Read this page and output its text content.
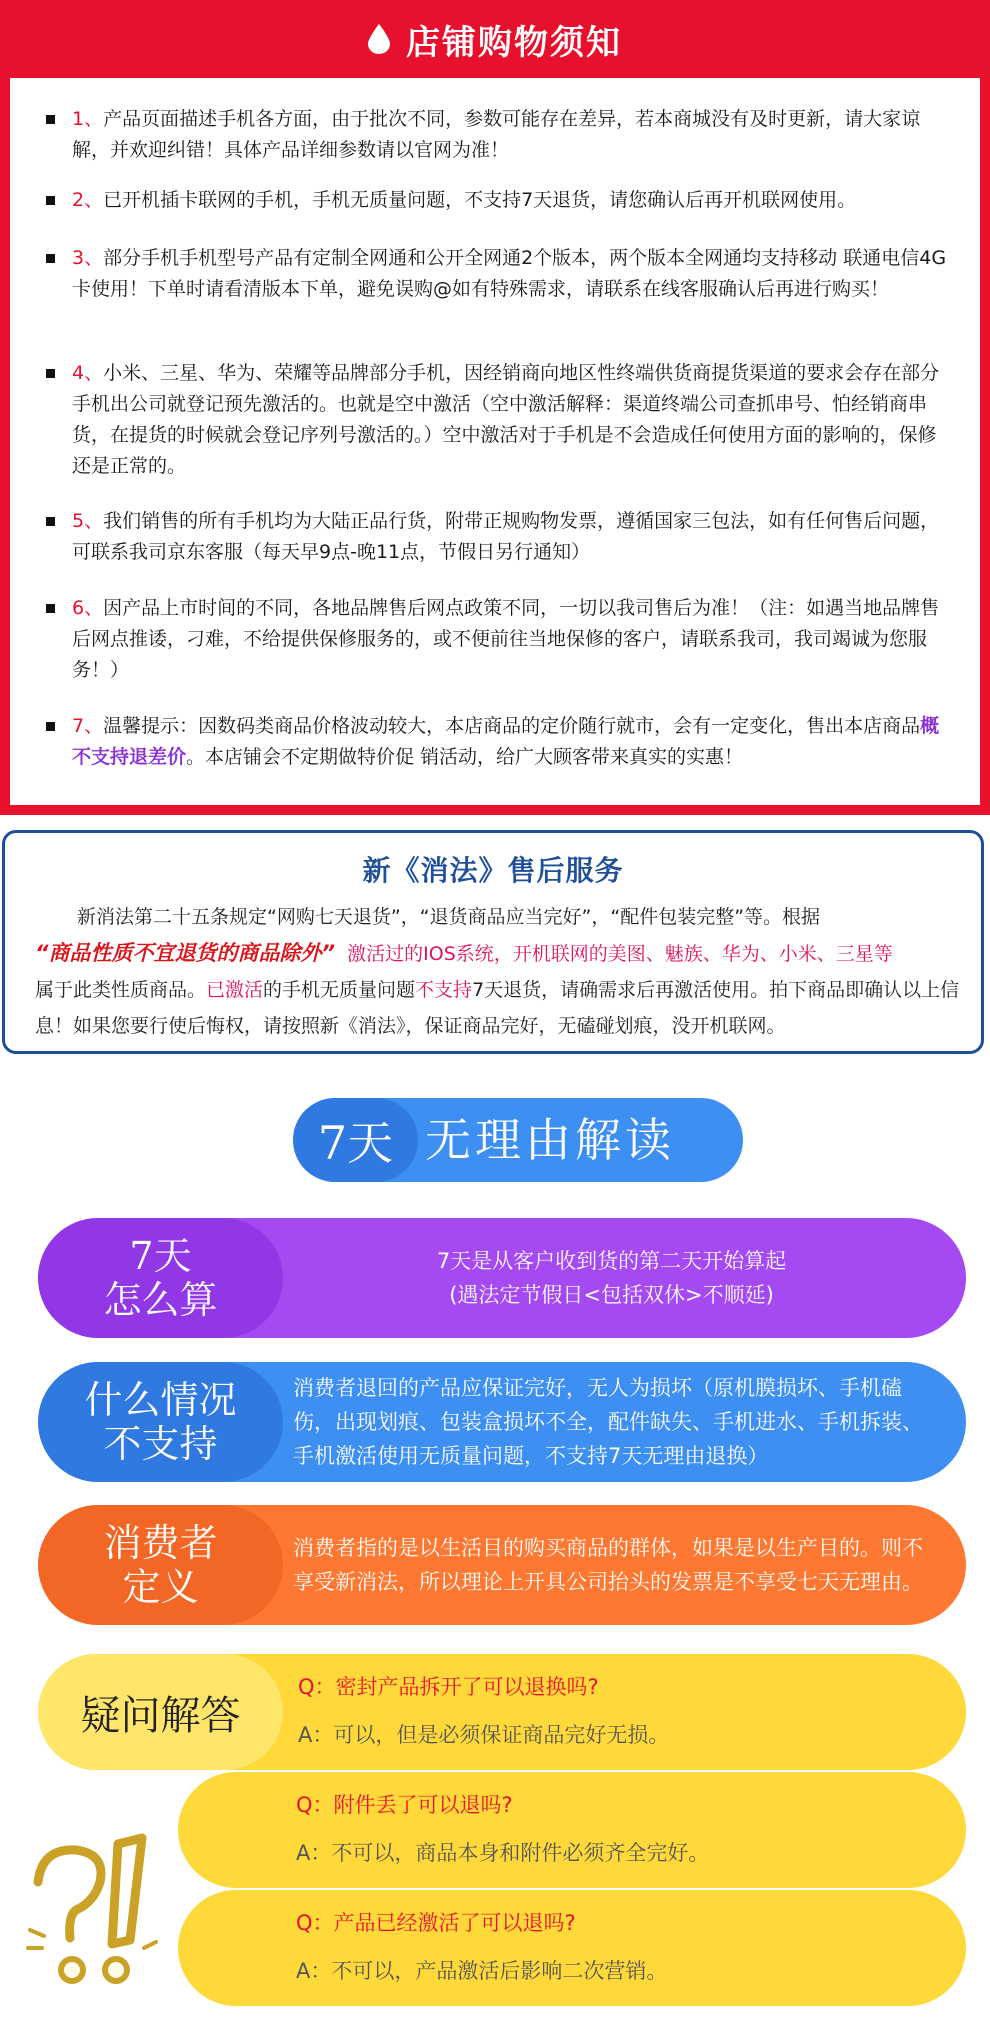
店铺购物须知
1、产品页面描述手机各方面，由于批次不同，参数可能存在差异，若本商城没有及时更新，请大家谅解，并欢迎纠错！具体产品详细参数请以官网为准！
2、已开机插卡联网的手机，手机无质量问题，不支持7天退货，请您确认后再开机联网使用。
3、部分手机手机型号产品有定制全网通和公开全网通2个版本，两个版本全网通均支持移动 联通电信4G卡使用！下单时请看清版本下单，避免误购@如有特殊需求，请联系在线客服确认后再进行购买！
4、小米、三星、华为、荣耀等品牌部分手机，因经销商向地区性终端供货商提货渠道的要求会存在部分手机出公司就登记预先激活的。也就是空中激活（空中激活解释：渠道终端公司查抓串号、怕经销商串货，在提货的时候就会登记序列号激活的。）空中激活对于手机是不会造成任何使用方面的影响的，保修还是正常的。
5、我们销售的所有手机均为大陆正品行货，附带正规购物发票，遵循国家三包法，如有任何售后问题，可联系我司京东客服（每天早9点-晚11点，节假日另行通知）
6、因产品上市时间的不同，各地品牌售后网点政策不同，一切以我司售后为准！（注：如遇当地品牌售后网点推诿，刁难，不给提供保修服务的，或不便前往当地保修的客户，请联系我司，我司竭诚为您服务！）
7、温馨提示：因数码类商品价格波动较大，本店商品的定价随行就市，会有一定变化，售出本店商品概不支持退差价。本店铺会不定期做特价促 销活动，给广大顾客带来真实的实惠！
新《消法》售后服务
新消法第二十五条规定“网购七天退货”，“退货商品应当完好”，“配件包装完整”等。根据
“商品性质不宜退货的商品除外” 激活过的IOS系统，开机联网的美图、魅族、华为、小米、三星等
属于此类性质商品。已激活的手机无质量问题不支持7天退货，请确需求后再激活使用。拍下商品即确认以上信息！如果您要行使后悔权，请按照新《消法》，保证商品完好，无磕碰划痕，没开机联网。
7天 无理由解读
7天
怎么算
7天是从客户收到货的第二天开始算起
(遇法定节假日<包括双休>不顺延)
什么情况
不支持
消费者退回的产品应保证完好，无人为损坏（原机膜损坏、手机磕伤，出现划痕、包装盒损坏不全，配件缺失、手机进水、手机拆装、手机激活使用无质量问题，不支持7天无理由退换）
消费者
定义
消费者指的是以生活目的购买商品的群体，如果是以生产目的。则不享受新消法，所以理论上开具公司抬头的发票是不享受七天无理由。
疑问解答
Q：密封产品拆开了可以退换吗?
A：可以，但是必须保证商品完好无损。
Q：附件丢了可以退吗?
A：不可以，商品本身和附件必须齐全完好。
Q：产品已经激活了可以退吗?
A：不可以，产品激活后影响二次营销。
